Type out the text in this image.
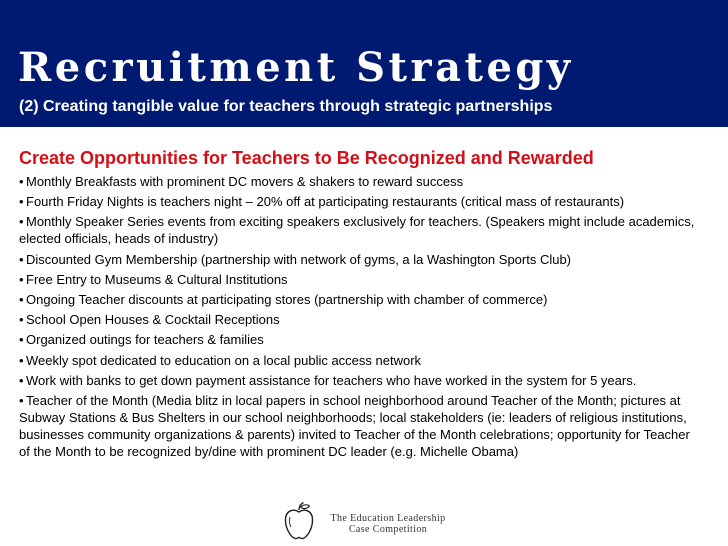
Recruitment Strategy

(2) Creating tangible value for teachers through strategic partnerships

Create Opportunities for Teachers to Be Recognized and Rewarded
• Monthly Breakfasts with prominent DC movers & shakers to reward success
• Fourth Friday Nights is teachers night – 20% off at participating restaurants (critical mass of restaurants)
• Monthly Speaker Series events from exciting speakers exclusively for teachers. (Speakers might include academics, elected officials, heads of industry)
• Discounted Gym Membership (partnership with network of gyms, a la Washington Sports Club)
• Free Entry to Museums & Cultural Institutions
• Ongoing Teacher discounts at participating stores (partnership with chamber of commerce)
• School Open Houses & Cocktail Receptions
• Organized outings for teachers & families
• Weekly spot dedicated to education on a local public access network
• Work with banks to get down payment assistance for teachers who have worked in the system for 5 years.
• Teacher of the Month (Media blitz in local papers in school neighborhood around Teacher of the Month; pictures at Subway Stations & Bus Shelters in our school neighborhoods; local stakeholders (ie: leaders of religious institutions, businesses community organizations & parents) invited to Teacher of the Month celebrations; opportunity for Teacher of the Month to be recognized by/dine with prominent DC leader (e.g. Michelle Obama)
The Education Leadership
Case Competition
